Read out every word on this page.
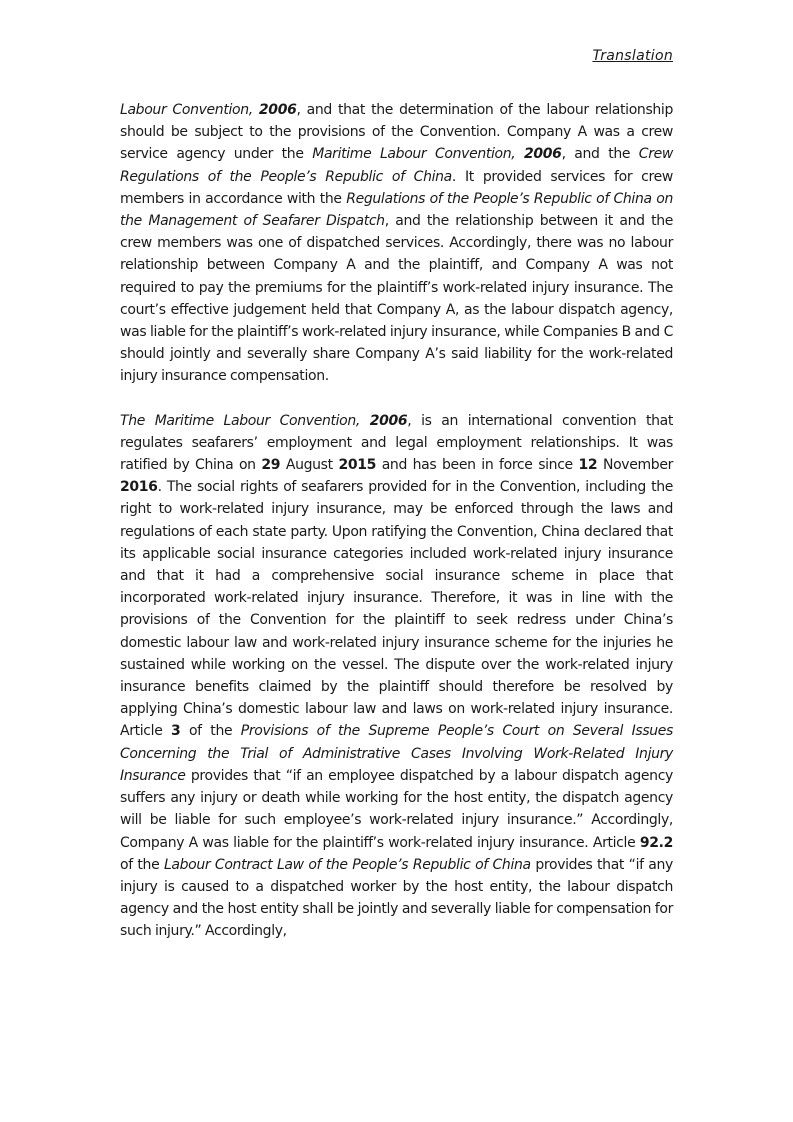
Translation

Labour Convention, 2006, and that the determination of the labour relationship should be subject to the provisions of the Convention. Company A was a crew service agency under the Maritime Labour Convention, 2006, and the Crew Regulations of the People’s Republic of China. It provided services for crew members in accordance with the Regulations of the People’s Republic of China on the Management of Seafarer Dispatch, and the relationship between it and the crew members was one of dispatched services. Accordingly, there was no labour relationship between Company A and the plaintiff, and Company A was not required to pay the premiums for the plaintiff’s work-related injury insurance. The court’s effective judgement held that Company A, as the labour dispatch agency, was liable for the plaintiff’s work-related injury insurance, while Companies B and C should jointly and severally share Company A’s said liability for the work-related injury insurance compensation.

The Maritime Labour Convention, 2006, is an international convention that regulates seafarers’ employment and legal employment relationships. It was ratified by China on 29 August 2015 and has been in force since 12 November 2016. The social rights of seafarers provided for in the Convention, including the right to work-related injury insurance, may be enforced through the laws and regulations of each state party. Upon ratifying the Convention, China declared that its applicable social insurance categories included work-related injury insurance and that it had a comprehensive social insurance scheme in place that incorporated work-related injury insurance. Therefore, it was in line with the provisions of the Convention for the plaintiff to seek redress under China’s domestic labour law and work-related injury insurance scheme for the injuries he sustained while working on the vessel. The dispute over the work-related injury insurance benefits claimed by the plaintiff should therefore be resolved by applying China’s domestic labour law and laws on work-related injury insurance. Article 3 of the Provisions of the Supreme People’s Court on Several Issues Concerning the Trial of Administrative Cases Involving Work-Related Injury Insurance provides that “if an employee dispatched by a labour dispatch agency suffers any injury or death while working for the host entity, the dispatch agency will be liable for such employee’s work-related injury insurance.” Accordingly, Company A was liable for the plaintiff’s work-related injury insurance. Article 92.2 of the Labour Contract Law of the People’s Republic of China provides that “if any injury is caused to a dispatched worker by the host entity, the labour dispatch agency and the host entity shall be jointly and severally liable for compensation for such injury.” Accordingly,
